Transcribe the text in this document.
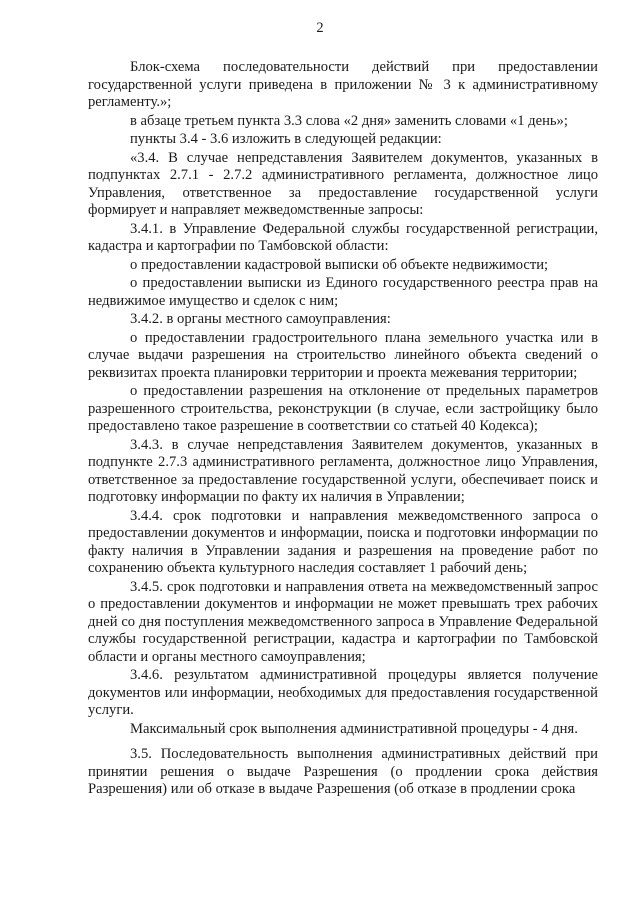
2

Блок-схема последовательности действий при предоставлении государственной услуги приведена в приложении № 3 к административному регламенту.»;

в абзаце третьем пункта 3.3 слова «2 дня» заменить словами «1 день»;

пункты 3.4 - 3.6 изложить в следующей редакции:

«3.4. В случае непредставления Заявителем документов, указанных в подпунктах 2.7.1 - 2.7.2 административного регламента, должностное лицо Управления, ответственное за предоставление государственной услуги формирует и направляет межведомственные запросы:

3.4.1. в Управление Федеральной службы государственной регистрации, кадастра и картографии по Тамбовской области:

о предоставлении кадастровой выписки об объекте недвижимости;

о предоставлении выписки из Единого государственного реестра прав на недвижимое имущество и сделок с ним;

3.4.2. в органы местного самоуправления:

о предоставлении градостроительного плана земельного участка или в случае выдачи разрешения на строительство линейного объекта сведений о реквизитах проекта планировки территории и проекта межевания территории;

о предоставлении разрешения на отклонение от предельных параметров разрешенного строительства, реконструкции (в случае, если застройщику было предоставлено такое разрешение в соответствии со статьей 40 Кодекса);

3.4.3. в случае непредставления Заявителем документов, указанных в подпункте 2.7.3 административного регламента, должностное лицо Управления, ответственное за предоставление государственной услуги, обеспечивает поиск и подготовку информации по факту их наличия в Управлении;

3.4.4. срок подготовки и направления межведомственного запроса о предоставлении документов и информации, поиска и подготовки информации по факту наличия в Управлении задания и разрешения на проведение работ по сохранению объекта культурного наследия составляет 1 рабочий день;

3.4.5. срок подготовки и направления ответа на межведомственный запрос о предоставлении документов и информации не может превышать трех рабочих дней со дня поступления межведомственного запроса в Управление Федеральной службы государственной регистрации, кадастра и картографии по Тамбовской области и органы местного самоуправления;

3.4.6. результатом административной процедуры является получение документов или информации, необходимых для предоставления государственной услуги.

Максимальный срок выполнения административной процедуры - 4 дня.

3.5. Последовательность выполнения административных действий при принятии решения о выдаче Разрешения (о продлении срока действия Разрешения) или об отказе в выдаче Разрешения (об отказе в продлении срока
